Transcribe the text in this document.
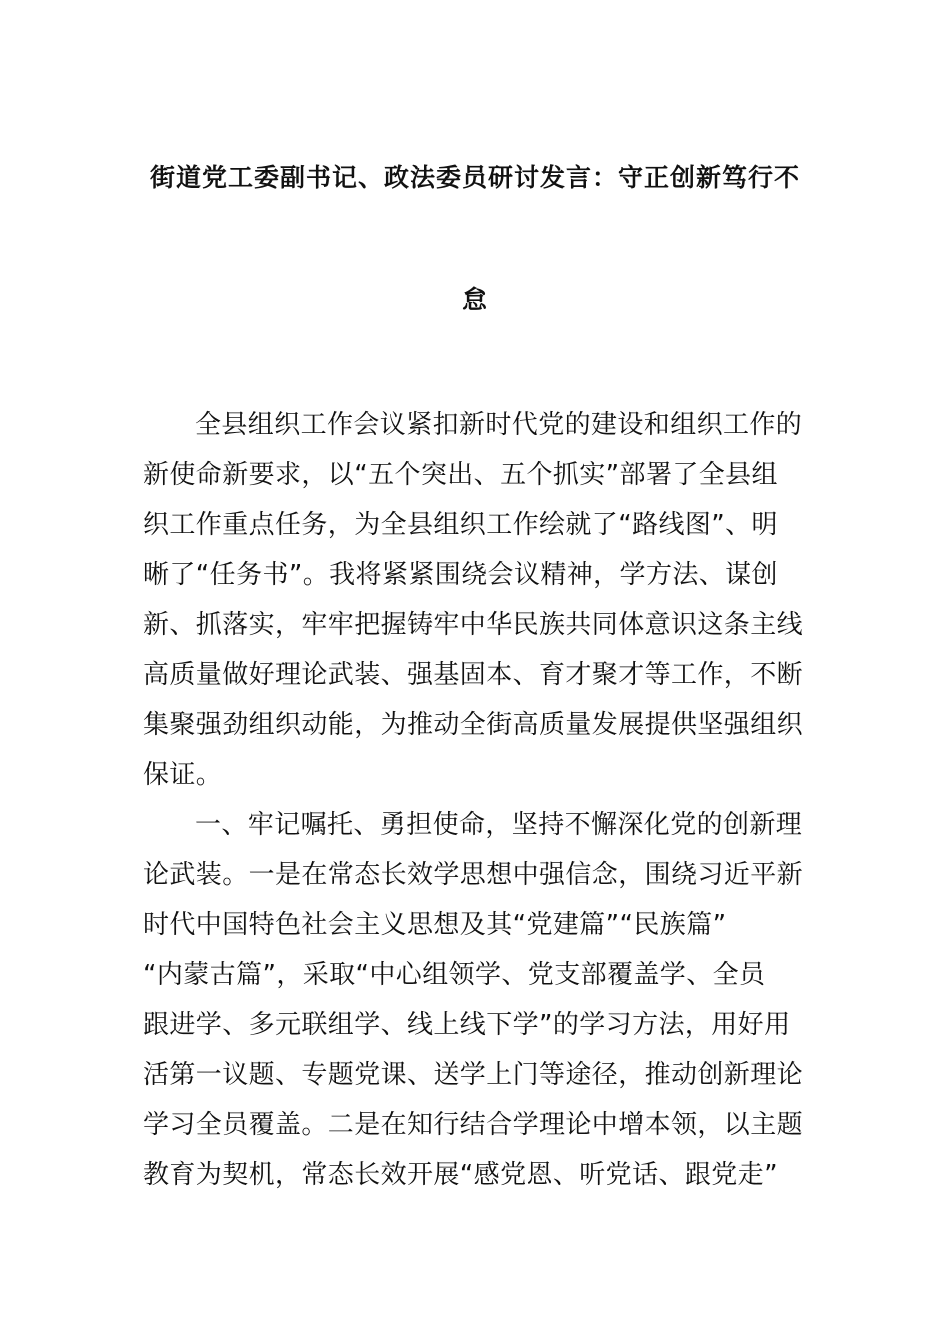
街道党工委副书记、政法委员研讨发言：守正创新笃行不
怠
全县组织工作会议紧扣新时代党的建设和组织工作的
新使命新要求，以“五个突出、五个抓实”部署了全县组
织工作重点任务，为全县组织工作绘就了“路线图”、明
晰了“任务书”。我将紧紧围绕会议精神，学方法、谋创
新、抓落实，牢牢把握铸牢中华民族共同体意识这条主线
高质量做好理论武装、强基固本、育才聚才等工作，不断
集聚强劲组织动能，为推动全街高质量发展提供坚强组织
保证。
一、牢记嘱托、勇担使命，坚持不懈深化党的创新理
论武装。一是在常态长效学思想中强信念，围绕习近平新
时代中国特色社会主义思想及其“党建篇”“民族篇”
“内蒙古篇”，采取“中心组领学、党支部覆盖学、全员
跟进学、多元联组学、线上线下学”的学习方法，用好用
活第一议题、专题党课、送学上门等途径，推动创新理论
学习全员覆盖。二是在知行结合学理论中增本领，以主题
教育为契机，常态长效开展“感党恩、听党话、跟党走”
